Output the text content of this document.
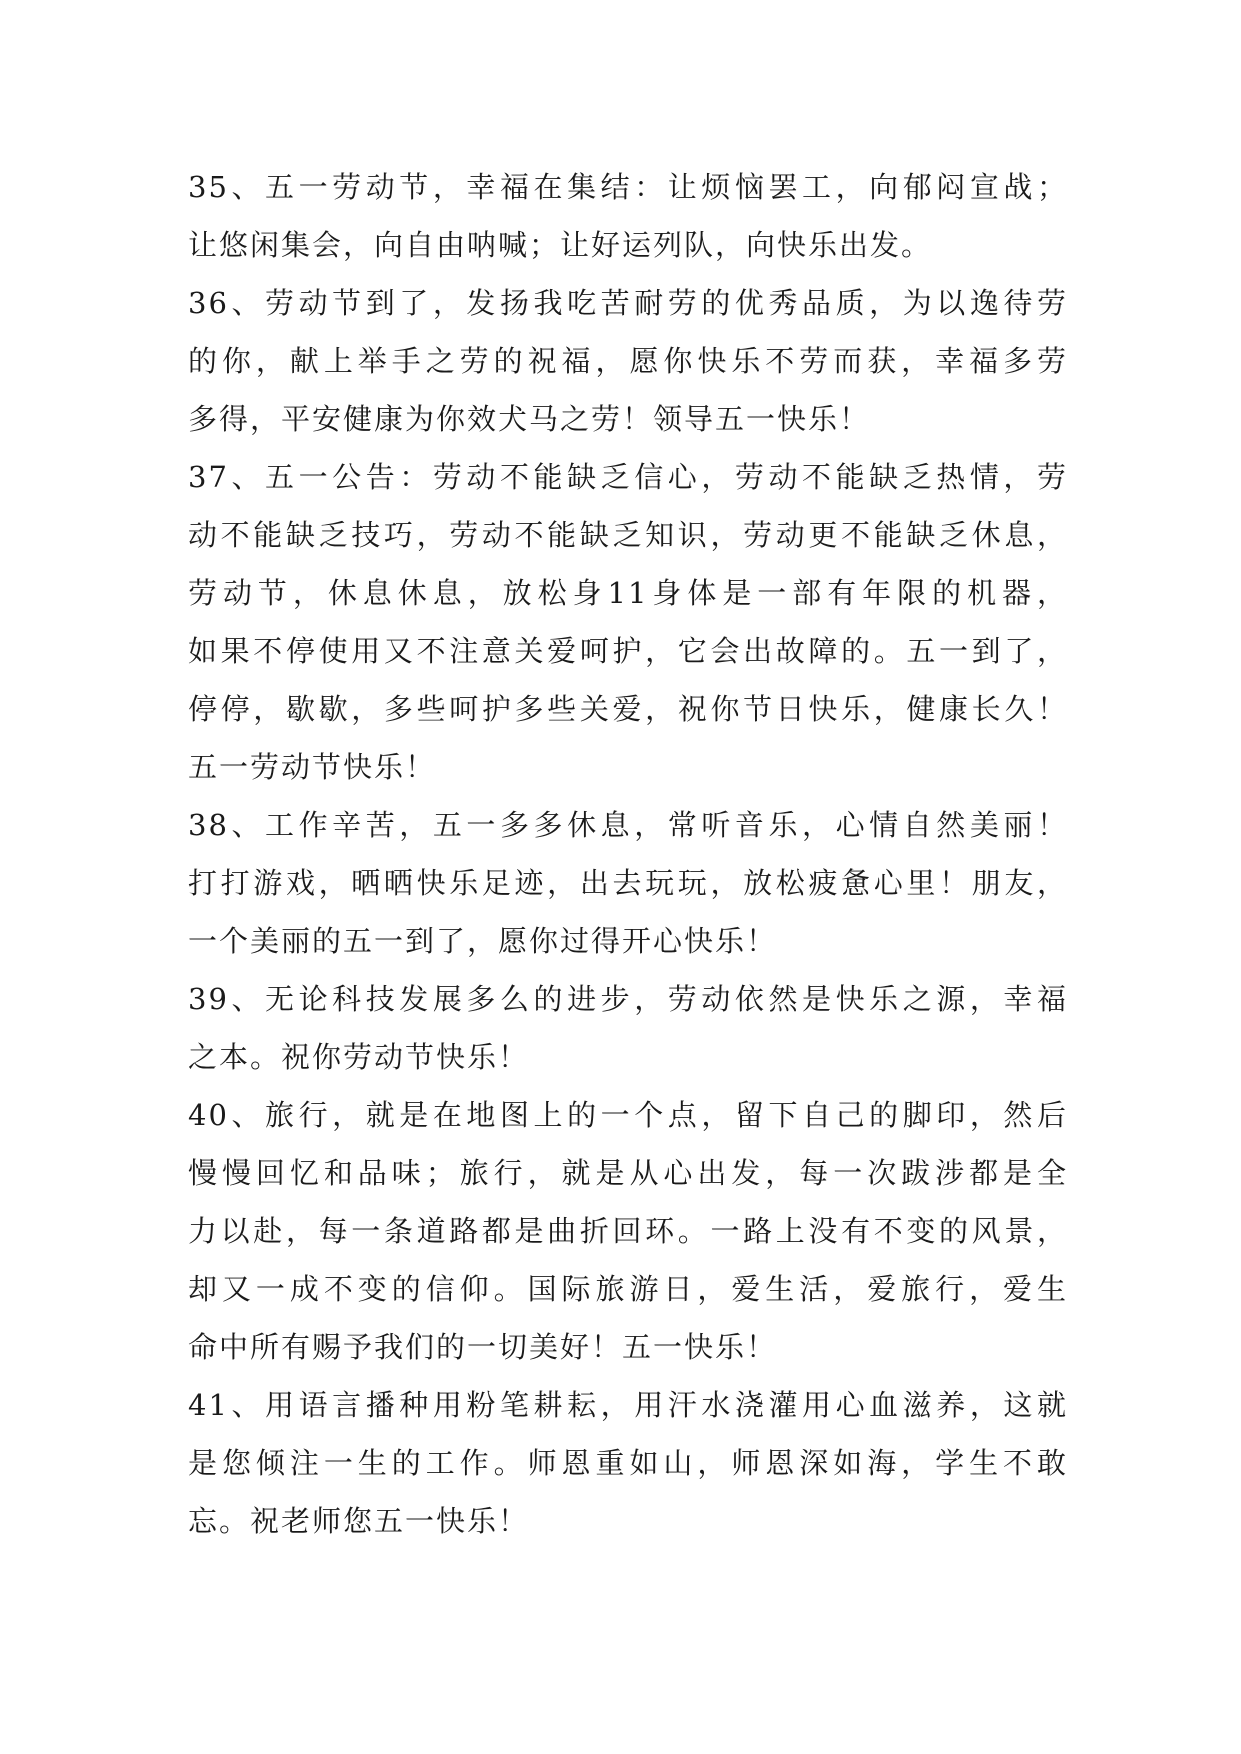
35、五一劳动节，幸福在集结：让烦恼罢工，向郁闷宣战；
让悠闲集会，向自由呐喊；让好运列队，向快乐出发。
36、劳动节到了，发扬我吃苦耐劳的优秀品质，为以逸待劳
的你，献上举手之劳的祝福，愿你快乐不劳而获，幸福多劳
多得，平安健康为你效犬马之劳！领导五一快乐！
37、五一公告：劳动不能缺乏信心，劳动不能缺乏热情，劳
动不能缺乏技巧，劳动不能缺乏知识，劳动更不能缺乏休息，
劳动节，休息休息，放松身11身体是一部有年限的机器，
如果不停使用又不注意关爱呵护，它会出故障的。五一到了，
停停，歇歇，多些呵护多些关爱，祝你节日快乐，健康长久！
五一劳动节快乐！
38、工作辛苦，五一多多休息，常听音乐，心情自然美丽！
打打游戏，晒晒快乐足迹，出去玩玩，放松疲惫心里！朋友，
一个美丽的五一到了，愿你过得开心快乐！
39、无论科技发展多么的进步，劳动依然是快乐之源，幸福
之本。祝你劳动节快乐！
40、旅行，就是在地图上的一个点，留下自己的脚印，然后
慢慢回忆和品味；旅行，就是从心出发，每一次跋涉都是全
力以赴，每一条道路都是曲折回环。一路上没有不变的风景，
却又一成不变的信仰。国际旅游日，爱生活，爱旅行，爱生
命中所有赐予我们的一切美好！五一快乐！
41、用语言播种用粉笔耕耘，用汗水浇灌用心血滋养，这就
是您倾注一生的工作。师恩重如山，师恩深如海，学生不敢
忘。祝老师您五一快乐！
